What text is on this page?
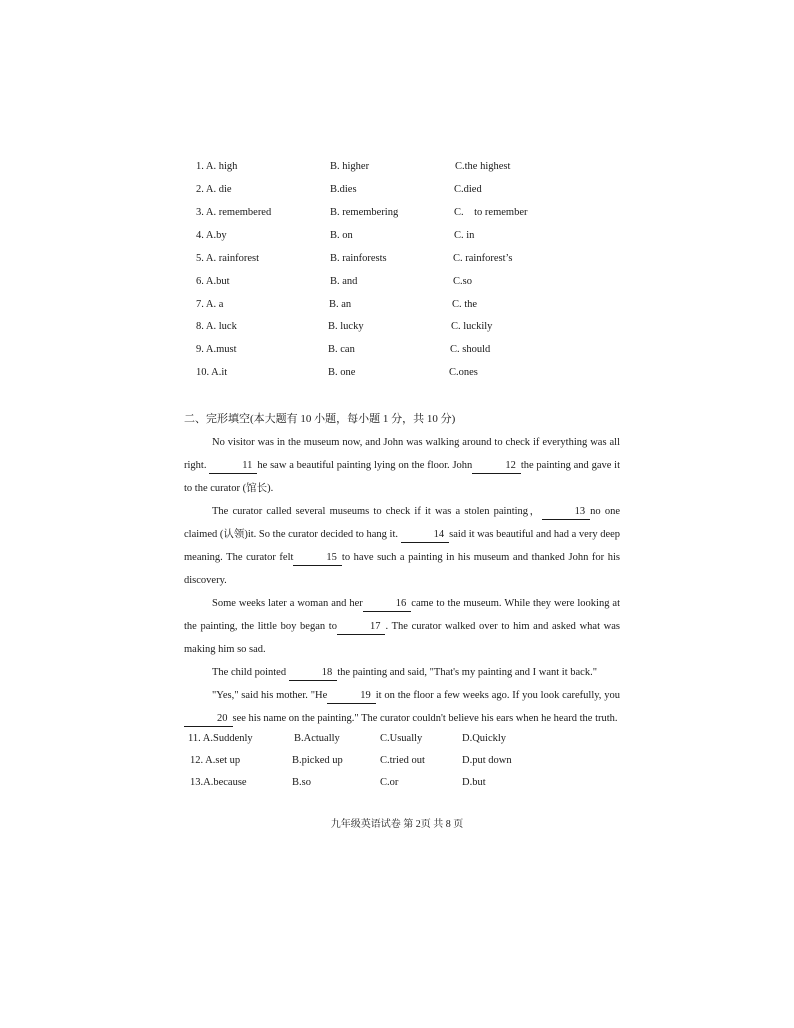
1. A. high	B. higher	C.the highest
2. A. die	B.dies	C.died
3. A. remembered	B. remembering	C.    to remember
4. A.by	B. on	C. in
5. A. rainforest	B. rainforests	C. rainforest’s
6. A.but	B. and	C.so
7. A. a	B. an	C. the
8. A. luck	B. lucky	C. luckily
9. A.must	B. can	C. should
10. A.it	B. one	C.ones
二、完形填空(本大题有 10 小题，每小题 1 分，共 10 分)

No visitor was in the museum now, and John was walking around to check if everything was all right.	11 he saw a beautiful painting lying on the floor. John	12 the painting and gave it to the curator (馆长).

The curator called several museums to check if it was a stolen painting，	13 no one claimed (认领)it. So the curator decided to hang it.	14 said it was beautiful and had a very deep meaning. The curator felt	15 to have such a painting in his museum and thanked John for his discovery.

Some weeks later a woman and her	16 came to the museum. While they were looking at the painting, the little boy began to	17 . The curator walked over to him and asked what was making him so sad.

The child pointed	18 the painting and said, "That's my painting and I want it back."

"Yes," said his mother. "He	19 it on the floor a few weeks ago. If you look carefully, you 20 see his name on the painting." The curator couldn't believe his ears when he heard the truth.

11. A.Suddenly	B.Actually	C.Usually	D.Quickly
12. A.set up	B.picked up	C.tried out	D.put down
13.A.because	B.so	C.or	D.but
九年级英语试卷 第 2页 共 8 页
